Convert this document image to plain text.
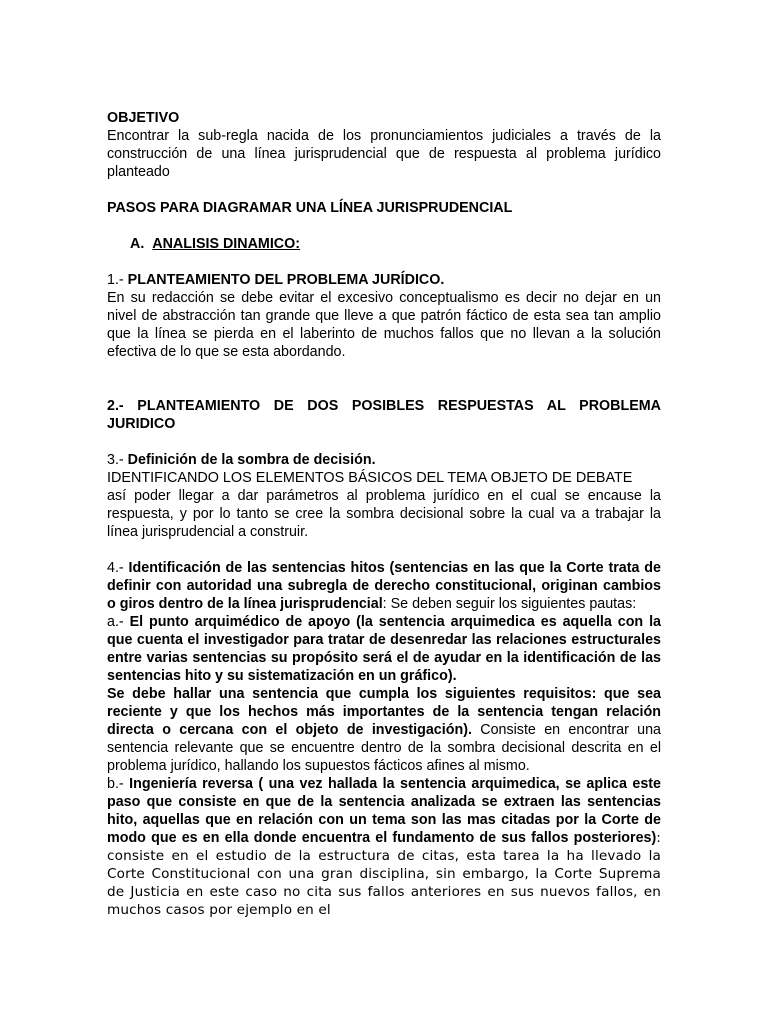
OBJETIVO

Encontrar la sub-regla nacida de los pronunciamientos judiciales a través de la construcción de una línea jurisprudencial que de respuesta al problema jurídico planteado

PASOS PARA DIAGRAMAR UNA LÍNEA JURISPRUDENCIAL

A. ANALISIS DINAMICO:

1.- PLANTEAMIENTO DEL PROBLEMA JURÍDICO.

En su redacción se debe evitar el excesivo conceptualismo es decir no dejar en un nivel de abstracción tan grande que lleve a que patrón fáctico de esta sea tan amplio que la línea se pierda en el laberinto de muchos fallos que no llevan a la solución efectiva de lo que se esta abordando.

2.- PLANTEAMIENTO DE DOS POSIBLES RESPUESTAS AL PROBLEMA JURIDICO

3.- Definición de la sombra de decisión.

IDENTIFICANDO LOS ELEMENTOS BÁSICOS DEL TEMA OBJETO DE DEBATE

así poder llegar a dar parámetros al problema jurídico en el cual se encause la respuesta, y por lo tanto se cree la sombra decisional sobre la cual va a trabajar la línea jurisprudencial a construir.

4.- Identificación de las sentencias hitos (sentencias en las que la Corte trata de definir con autoridad una subregla de derecho constitucional, originan cambios o giros dentro de la línea jurisprudencial: Se deben seguir los siguientes pautas:

a.- El punto arquimédico de apoyo (la sentencia arquimedica es aquella con la que cuenta el investigador para tratar de desenredar las relaciones estructurales entre varias sentencias su propósito será el de ayudar en la identificación de las sentencias hito y su sistematización en un gráfico).

Se debe hallar una sentencia que cumpla los siguientes requisitos: que sea reciente y que los hechos más importantes de la sentencia tengan relación directa o cercana con el objeto de investigación). Consiste en encontrar una sentencia relevante que se encuentre dentro de la sombra decisional descrita en el problema jurídico, hallando los supuestos fácticos afines al mismo.

b.- Ingeniería reversa ( una vez hallada la sentencia arquimedica, se aplica este paso que consiste en que de la sentencia analizada se extraen las sentencias hito, aquellas que en relación con un tema son las mas citadas por la Corte de modo que es en ella donde encuentra el fundamento de sus fallos posteriores): consiste en el estudio de la estructura de citas, esta tarea la ha llevado la Corte Constitucional con una gran disciplina, sin embargo, la Corte Suprema de Justicia en este caso no cita sus fallos anteriores en sus nuevos fallos, en muchos casos por ejemplo en el
